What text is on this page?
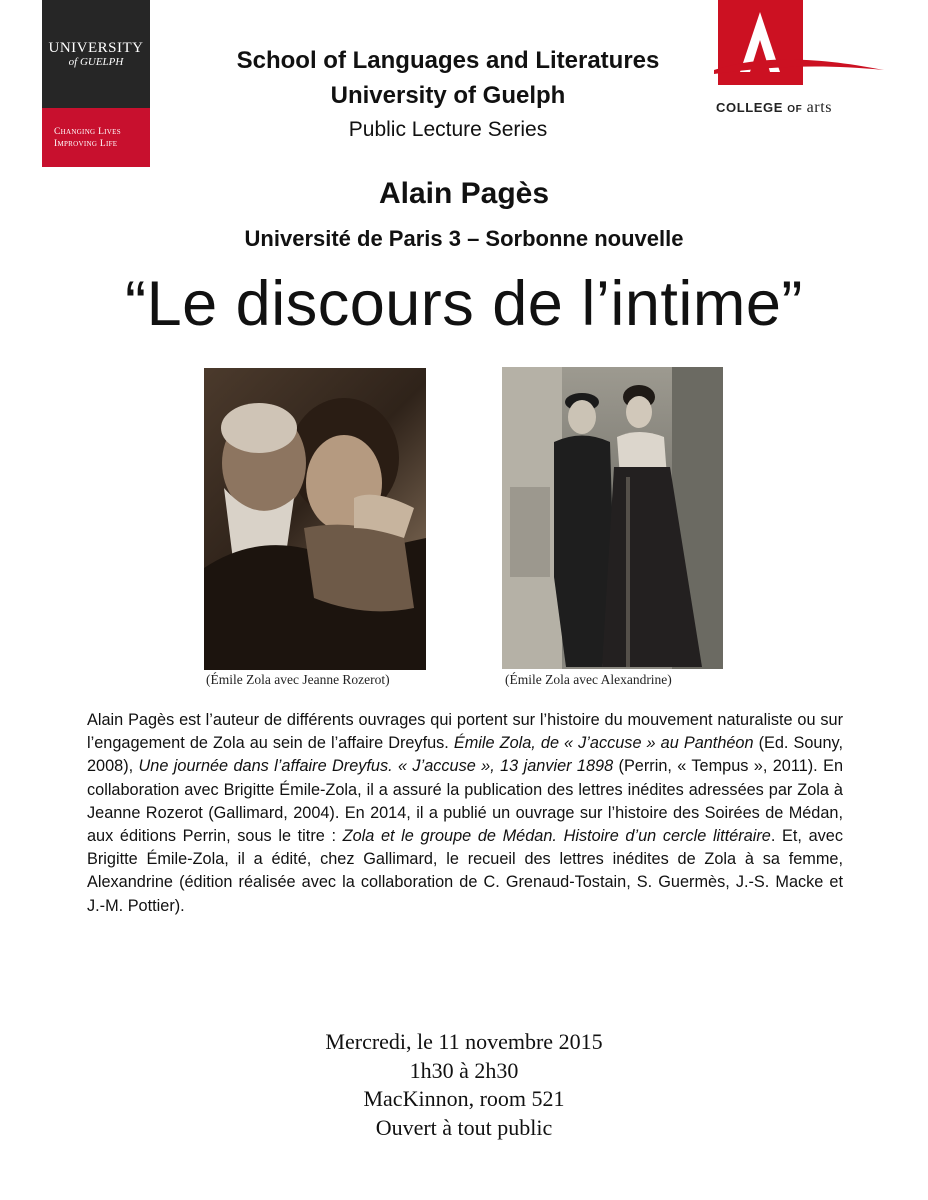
UNIVERSITY
of GUELPH
Changing Lives
Improving Life
COLLEGE OF arts
School of Languages and Literatures
University of Guelph
Public Lecture Series
Alain Pagès
Université de Paris 3 – Sorbonne nouvelle
“Le discours de l’intime”
(Émile Zola avec Jeanne Rozerot)	(Émile Zola avec Alexandrine)
Alain Pagès est l’auteur de différents ouvrages qui portent sur l’histoire du mouvement naturaliste ou sur l’engagement de Zola au sein de l’affaire Dreyfus. Émile Zola, de « J’accuse » au Panthéon (Ed. Souny, 2008), Une journée dans l’affaire Dreyfus. « J’accuse », 13 janvier 1898 (Perrin, « Tempus », 2011). En collaboration avec Brigitte Émile-Zola, il a assuré la publication des lettres inédites adressées par Zola à Jeanne Rozerot (Gallimard, 2004). En 2014, il a publié un ouvrage sur l’histoire des Soirées de Médan, aux éditions Perrin, sous le titre : Zola et le groupe de Médan. Histoire d’un cercle littéraire. Et, avec Brigitte Émile-Zola, il a édité, chez Gallimard, le recueil des lettres inédites de Zola à sa femme, Alexandrine (édition réalisée avec la collaboration de C. Grenaud-Tostain, S. Guermès, J.-S. Macke et J.-M. Pottier).
Mercredi, le 11 novembre 2015
1h30 à 2h30
MacKinnon, room 521
Ouvert à tout public
